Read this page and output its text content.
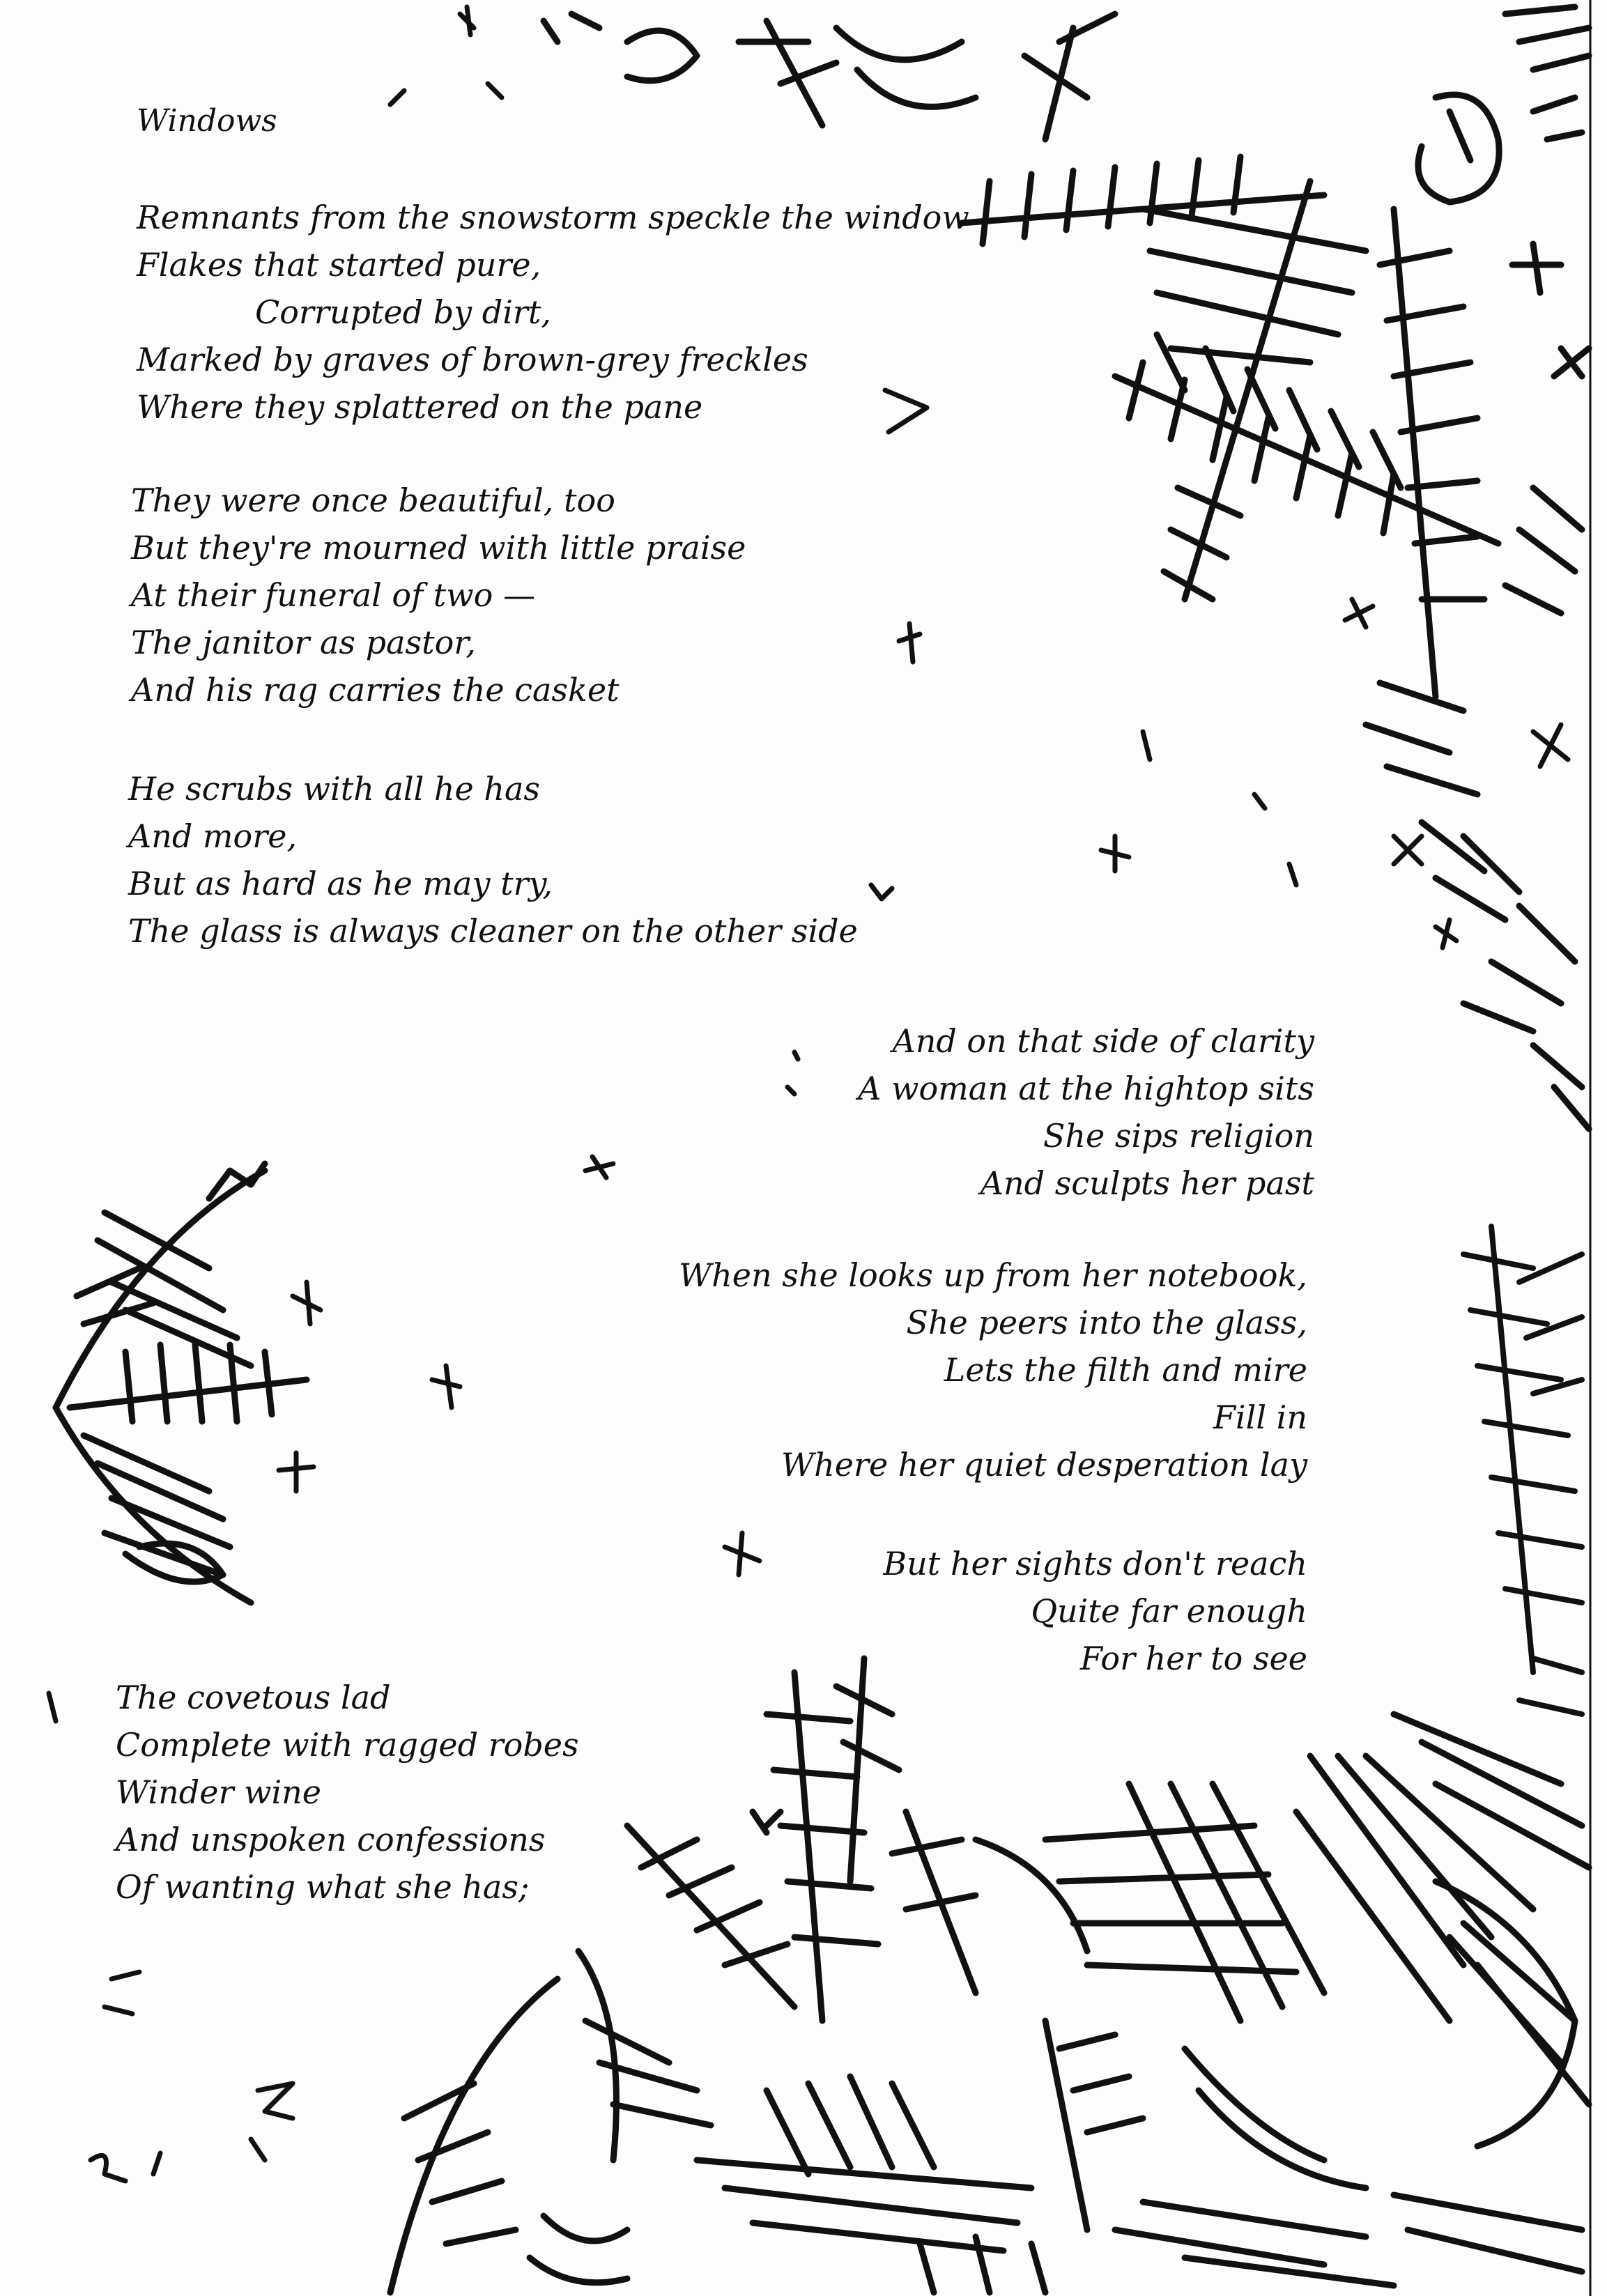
Windows
Remnants from the snowstorm speckle the window
Flakes that started pure,
Corrupted by dirt,
Marked by graves of brown-grey freckles
Where they splattered on the pane
They were once beautiful, too
But they're mourned with little praise
At their funeral of two —
The janitor as pastor,
And his rag carries the casket
He scrubs with all he has
And more,
But as hard as he may try,
The glass is always cleaner on the other side
And on that side of clarity
A woman at the hightop sits
She sips religion
And sculpts her past
When she looks up from her notebook,
She peers into the glass,
Lets the filth and mire
Fill in
Where her quiet desperation lay
But her sights don't reach
Quite far enough
For her to see
The covetous lad
Complete with ragged robes
Winder wine
And unspoken confessions
Of wanting what she has;
